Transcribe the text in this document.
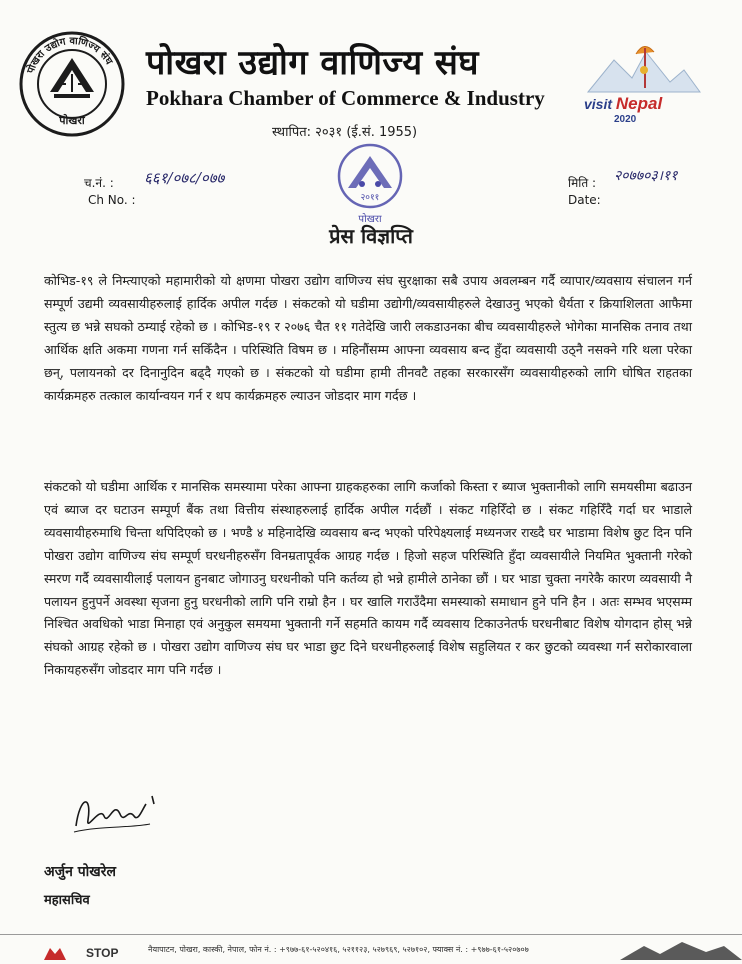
पोखरा उद्योग वाणिज्य संघ
पोखरा
पोखरा उद्योग वाणिज्य संघ
Pokhara Chamber of Commerce & Industry
स्थापित: २०३१ (ई.सं. 1955)
visit Nepal
2020
च.नं. : ६६१/०७८/०७७
Ch No. :
मिति : २०७७०३।११
Date:
२०११
पोखरा
प्रेस विज्ञप्ति
कोभिड-१९ ले निम्त्याएको महामारीको यो क्षणमा पोखरा उद्योग वाणिज्य संघ सुरक्षाका सबै उपाय अवलम्बन गर्दै व्यापार/व्यवसाय संचालन गर्न सम्पूर्ण उद्यमी व्यवसायीहरुलाई हार्दिक अपील गर्दछ । संकटको यो घडीमा उद्योगी/व्यवसायीहरुले देखाउनु भएको धैर्यता र क्रियाशिलता आफैमा स्तुत्य छ भन्ने सघको ठम्याई रहेको छ । कोभिड-१९ र २०७६ चैत ११ गतेदेखि जारी लकडाउनका बीच व्यवसायीहरुले भोगेका मानसिक तनाव तथा आर्थिक क्षति अकमा गणना गर्न सकिँदैन । परिस्थिति विषम छ । महिनौंसम्म आफ्ना व्यवसाय बन्द हुँदा व्यवसायी उठ्नै नसक्ने गरि थला परेका छन्, पलायनको दर दिनानुदिन बढ्दै गएको छ । संकटको यो घडीमा हामी तीनवटै तहका सरकारसँग व्यवसायीहरुको लागि घोषित राहतका कार्यक्रमहरु तत्काल कार्यान्वयन गर्न र थप कार्यक्रमहरु ल्याउन जोडदार माग गर्दछ ।
संकटको यो घडीमा आर्थिक र मानसिक समस्यामा परेका आफ्ना ग्राहकहरुका लागि कर्जाको किस्ता र ब्याज भुक्तानीको लागि समयसीमा बढाउन एवं ब्याज दर घटाउन सम्पूर्ण बैंक तथा वित्तीय संस्थाहरुलाई हार्दिक अपील गर्दछौं । संकट गहिरिँदो छ । संकट गहिरिँदै गर्दा घर भाडाले व्यवसायीहरुमाथि चिन्ता थपिदिएको छ । भण्डै ४ महिनादेखि व्यवसाय बन्द भएको परिपेक्ष्यलाई मध्यनजर राख्दै घर भाडामा विशेष छुट दिन पनि पोखरा उद्योग वाणिज्य संघ सम्पूर्ण घरधनीहरुसँग विनम्रतापूर्वक आग्रह गर्दछ । हिजो सहज परिस्थिति हुँदा व्यवसायीले नियमित भुक्तानी गरेको स्मरण गर्दै व्यवसायीलाई पलायन हुनबाट जोगाउनु घरधनीको पनि कर्तव्य हो भन्ने हामीले ठानेका छौं । घर भाडा चुक्ता नगरेकै कारण व्यवसायी नै पलायन हुनुपर्ने अवस्था सृजना हुनु घरधनीको लागि पनि राम्रो हैन । घर खालि गराउँदैमा समस्याको समाधान हुने पनि हैन । अतः सम्भव भएसम्म निश्चित अवधिको भाडा मिनाहा एवं अनुकुल समयमा भुक्तानी गर्ने सहमति कायम गर्दै व्यवसाय टिकाउनेतर्फ घरधनीबाट विशेष योगदान होस् भन्ने संघको आग्रह रहेको छ । पोखरा उद्योग वाणिज्य संघ घर भाडा छुट दिने घरधनीहरुलाई विशेष सहुलियत र कर छुटको व्यवस्था गर्न सरोकारवाला निकायहरुसँग जोडदार माग पनि गर्दछ ।
अर्जुन पोखरेल
महासचिव
STOP	नैयापाटन, पोखरा, कास्की, नेपाल, फोन नं. : +९७७-६१-५२०४१६, ५२११२३, ५२७९६९, ५२७१०२, फ्याक्स नं. : +९७७-६१-५२०७०७
